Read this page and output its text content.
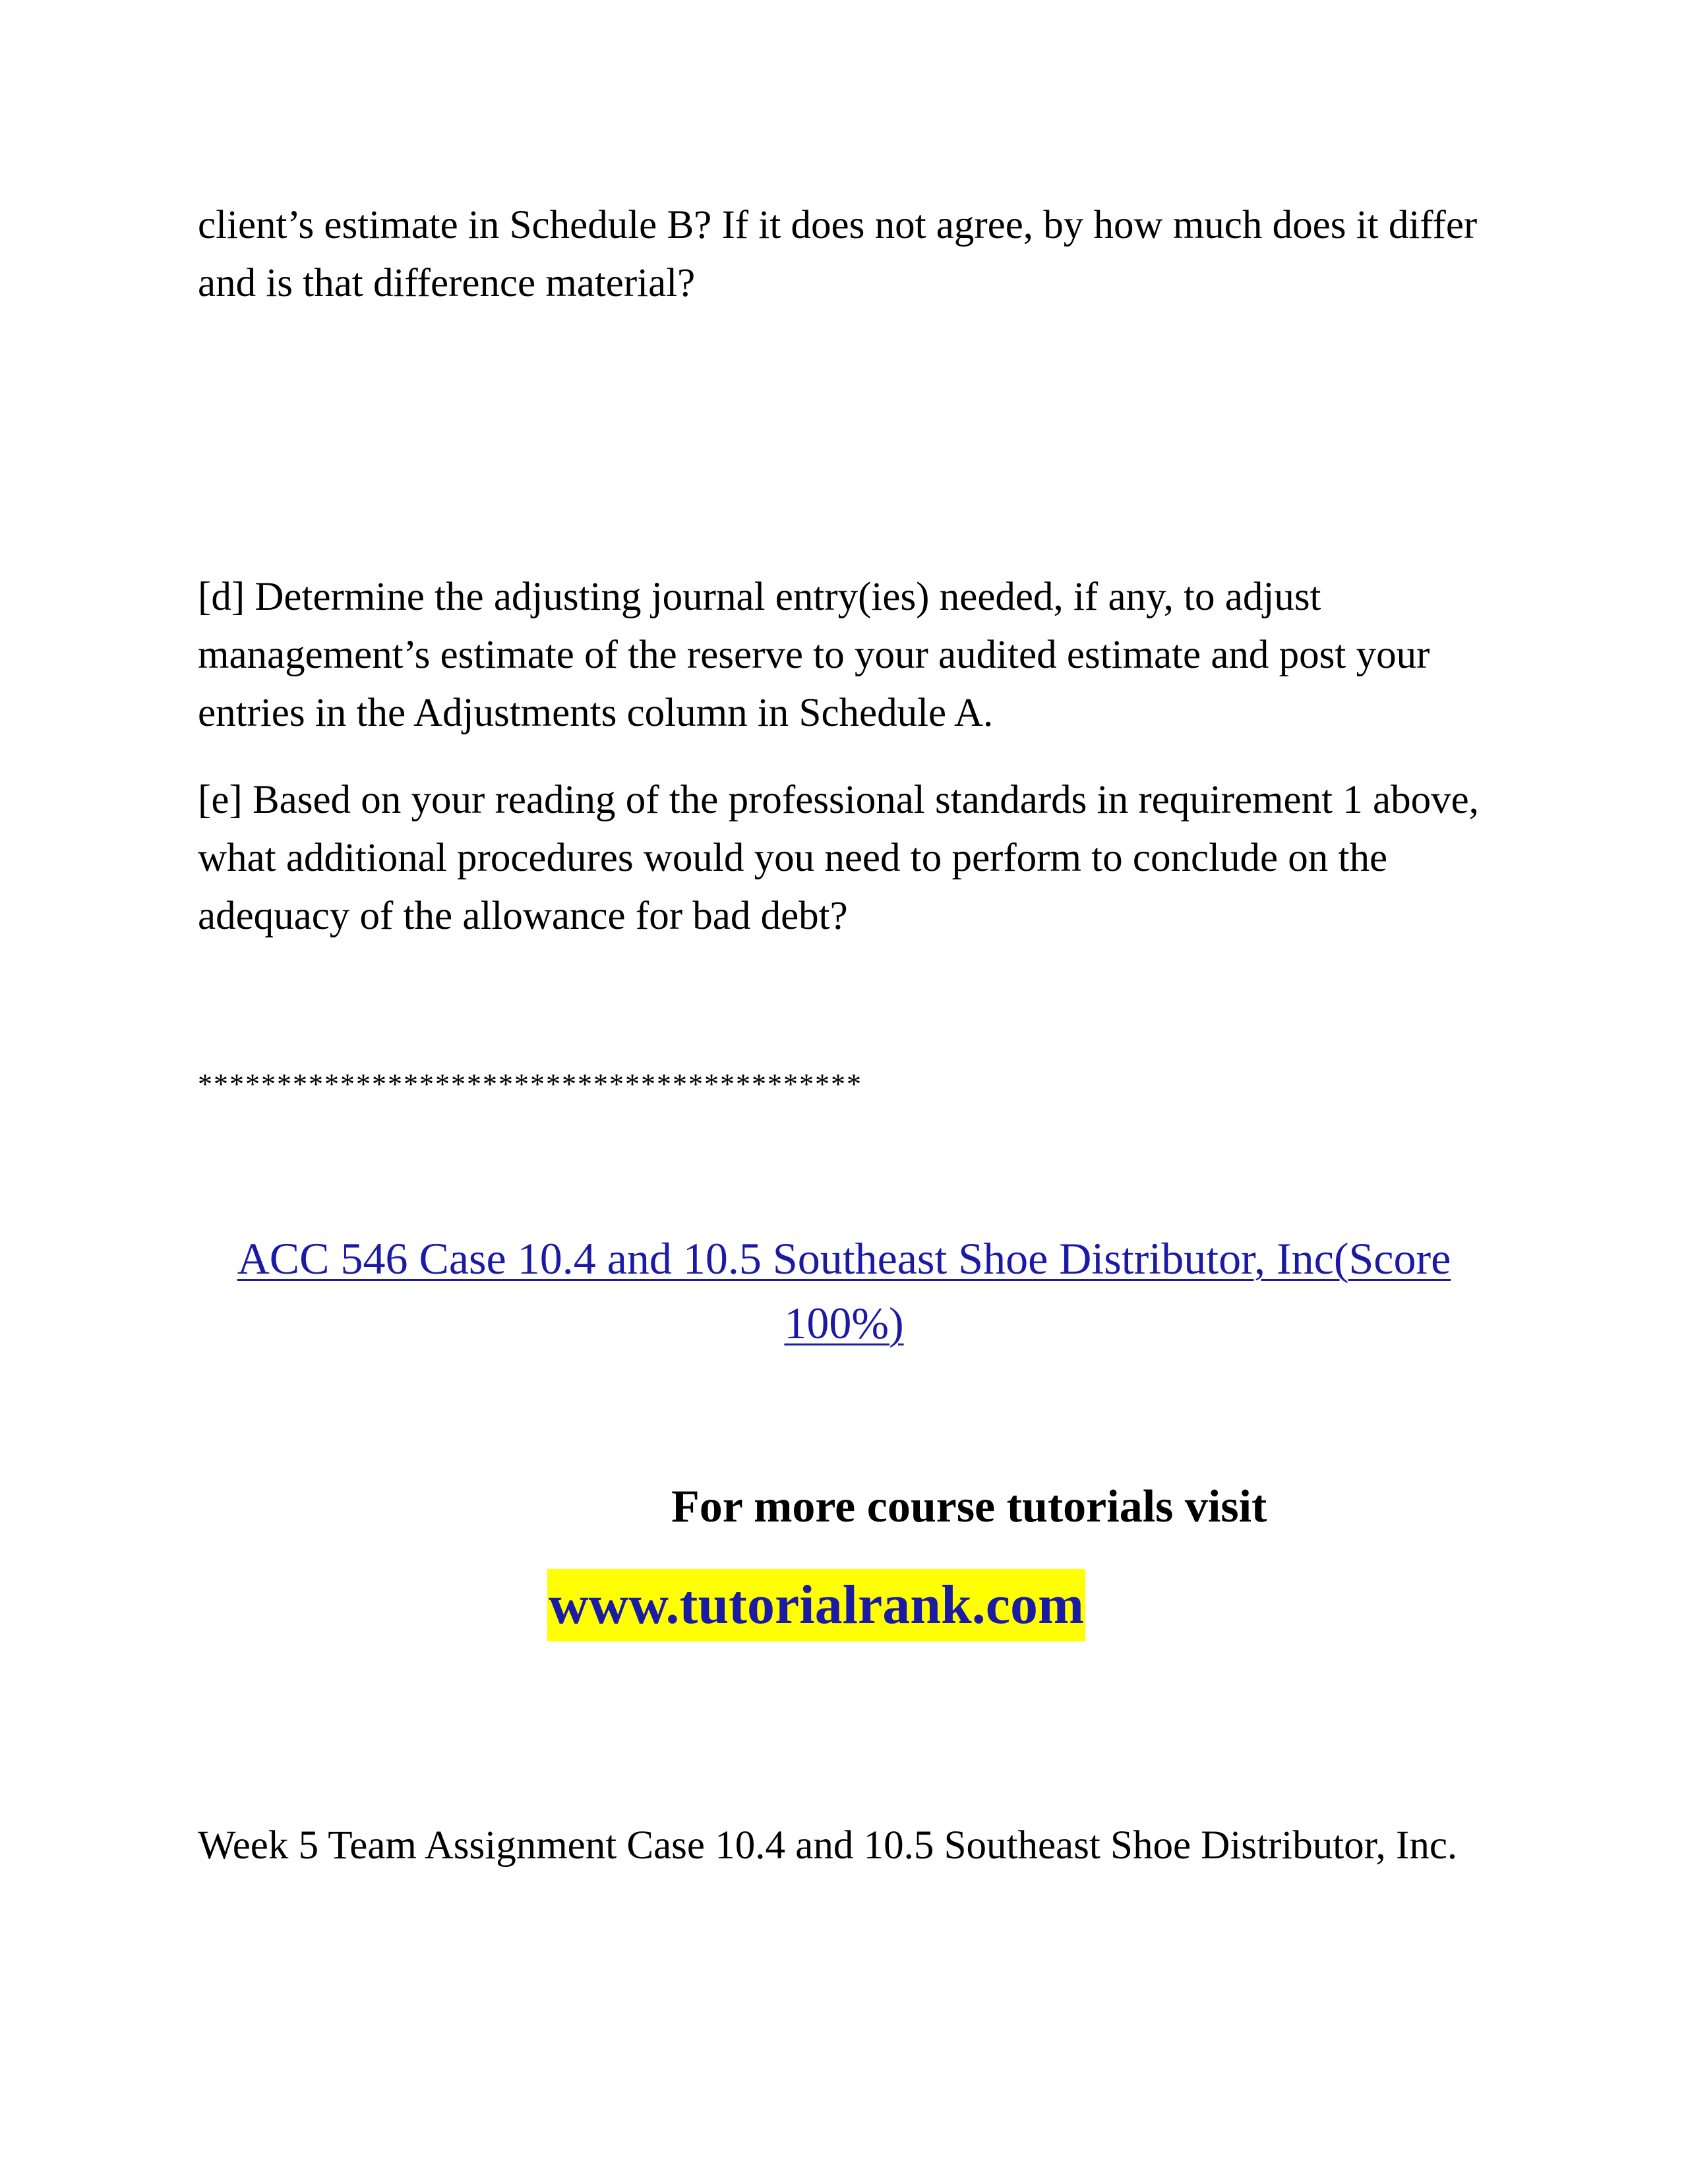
client’s estimate in Schedule B? If it does not agree, by how much does it differ and is that difference material?

[d] Determine the adjusting journal entry(ies) needed, if any, to adjust management’s estimate of the reserve to your audited estimate and post your entries in the Adjustments column in Schedule A.

[e] Based on your reading of the professional standards in requirement 1 above, what additional procedures would you need to perform to conclude on the adequacy of the allowance for bad debt?

******************************************

ACC 546 Case 10.4 and 10.5 Southeast Shoe Distributor, Inc(Score 100%)

For more course tutorials visit

www.tutorialrank.com

Week 5 Team Assignment Case 10.4 and 10.5 Southeast Shoe Distributor, Inc.
